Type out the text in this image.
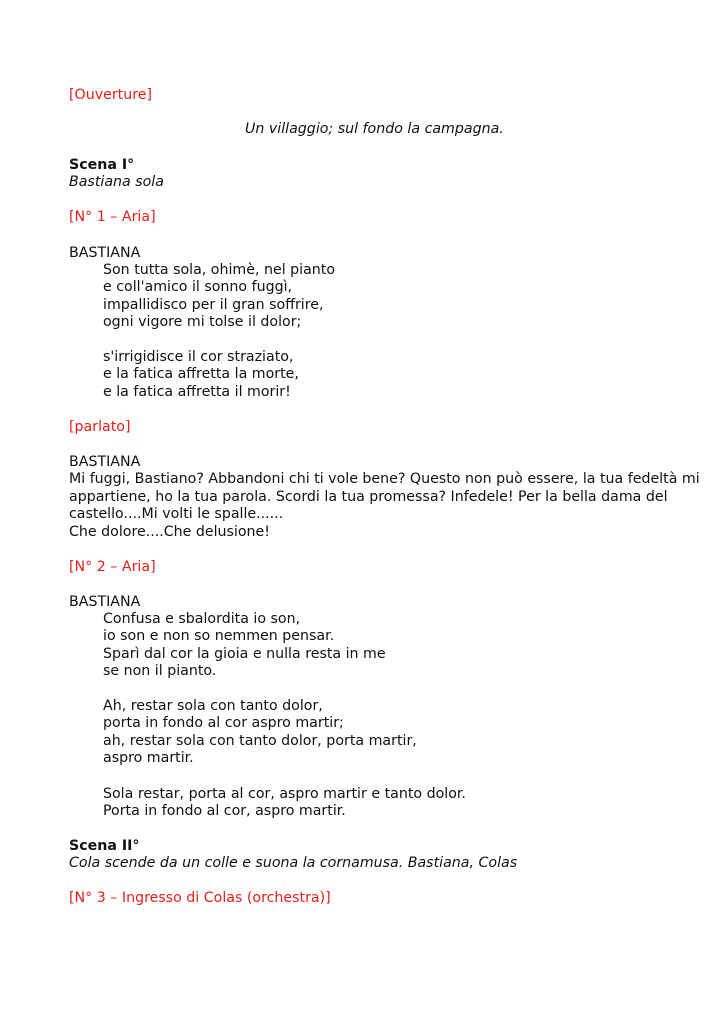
[Ouverture]
Un villaggio; sul fondo la campagna.
Scena I°
Bastiana sola
[N° 1 – Aria]
BASTIANA
Son tutta sola, ohimè, nel pianto
e coll'amico il sonno fuggì,
impallidisco per il gran soffrire,
ogni vigore mi tolse il dolor;
s'irrigidisce il cor straziato,
e la fatica affretta la morte,
e la fatica affretta il morir!
[parlato]
BASTIANA
Mi fuggi, Bastiano? Abbandoni chi ti vole bene? Questo non può essere, la tua fedeltà mi
appartiene, ho la tua parola. Scordi la tua promessa? Infedele! Per la bella dama del
castello....Mi volti le spalle......
Che dolore....Che delusione!
[N° 2 – Aria]
BASTIANA
Confusa e sbalordita io son,
io son e non so nemmen pensar.
Sparì dal cor la gioia e nulla resta in me
se non il pianto.
Ah, restar sola con tanto dolor,
porta in fondo al cor aspro martir;
ah, restar sola con tanto dolor, porta martir,
aspro martir.
Sola restar, porta al cor, aspro martir e tanto dolor.
Porta in fondo al cor, aspro martir.
Scena II°
Cola scende da un colle e suona la cornamusa. Bastiana, Colas
[N° 3 – Ingresso di Colas (orchestra)]
